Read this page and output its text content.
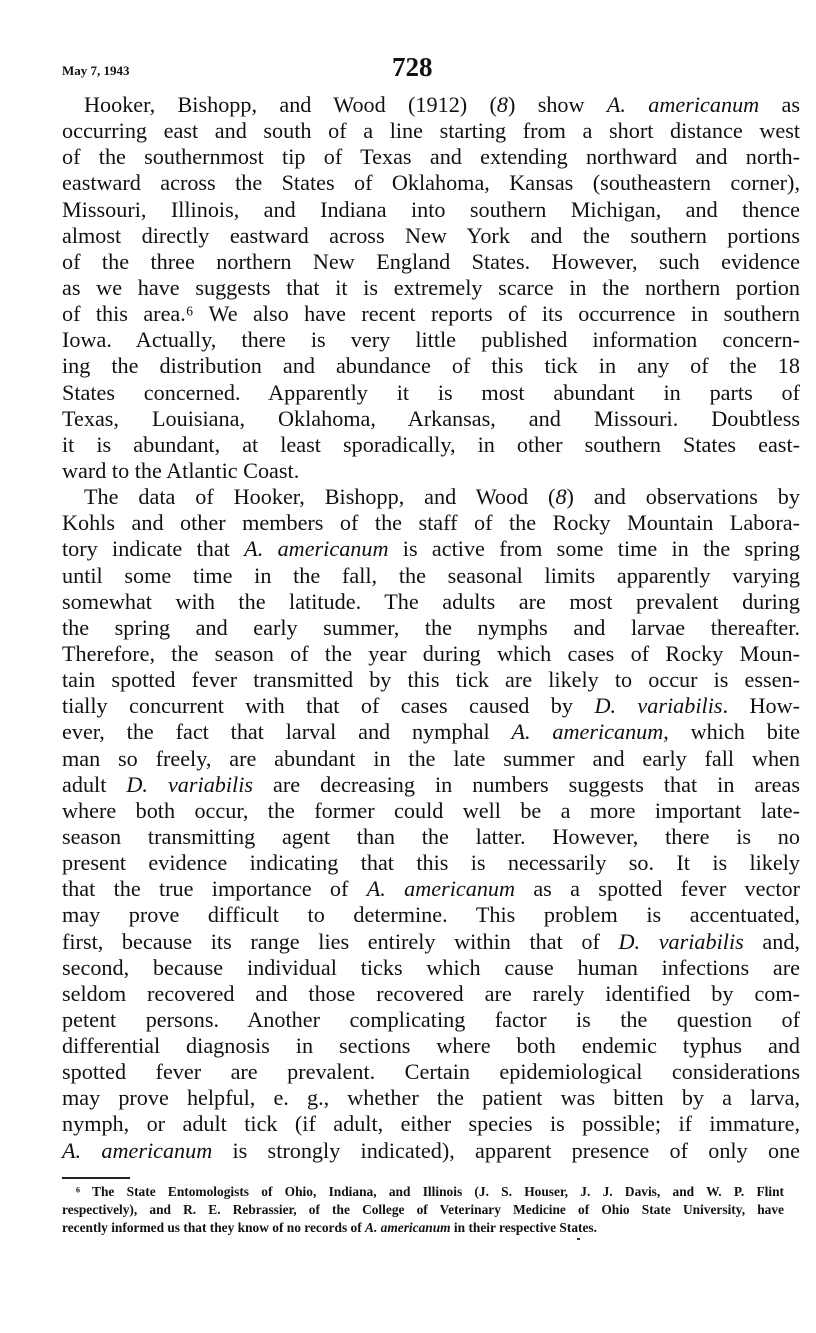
May 7, 1943	728
Hooker, Bishopp, and Wood (1912) (8) show A. americanum as
occurring east and south of a line starting from a short distance west
of the southernmost tip of Texas and extending northward and north-
eastward across the States of Oklahoma, Kansas (southeastern corner),
Missouri, Illinois, and Indiana into southern Michigan, and thence
almost directly eastward across New York and the southern portions
of the three northern New England States. However, such evidence
as we have suggests that it is extremely scarce in the northern portion
of this area.⁶ We also have recent reports of its occurrence in southern
Iowa. Actually, there is very little published information concern-
ing the distribution and abundance of this tick in any of the 18
States concerned. Apparently it is most abundant in parts of
Texas, Louisiana, Oklahoma, Arkansas, and Missouri. Doubtless
it is abundant, at least sporadically, in other southern States east-
ward to the Atlantic Coast.
The data of Hooker, Bishopp, and Wood (8) and observations by
Kohls and other members of the staff of the Rocky Mountain Labora-
tory indicate that A. americanum is active from some time in the spring
until some time in the fall, the seasonal limits apparently varying
somewhat with the latitude. The adults are most prevalent during
the spring and early summer, the nymphs and larvae thereafter.
Therefore, the season of the year during which cases of Rocky Moun-
tain spotted fever transmitted by this tick are likely to occur is essen-
tially concurrent with that of cases caused by D. variabilis. How-
ever, the fact that larval and nymphal A. americanum, which bite
man so freely, are abundant in the late summer and early fall when
adult D. variabilis are decreasing in numbers suggests that in areas
where both occur, the former could well be a more important late-
season transmitting agent than the latter. However, there is no
present evidence indicating that this is necessarily so. It is likely
that the true importance of A. americanum as a spotted fever vector
may prove difficult to determine. This problem is accentuated,
first, because its range lies entirely within that of D. variabilis and,
second, because individual ticks which cause human infections are
seldom recovered and those recovered are rarely identified by com-
petent persons. Another complicating factor is the question of
differential diagnosis in sections where both endemic typhus and
spotted fever are prevalent. Certain epidemiological considerations
may prove helpful, e. g., whether the patient was bitten by a larva,
nymph, or adult tick (if adult, either species is possible; if immature,
A. americanum is strongly indicated), apparent presence of only one
⁶ The State Entomologists of Ohio, Indiana, and Illinois (J. S. Houser, J. J. Davis, and W. P. Flint
respectively), and R. E. Rebrassier, of the College of Veterinary Medicine of Ohio State University, have
recently informed us that they know of no records of A. americanum in their respective States.
